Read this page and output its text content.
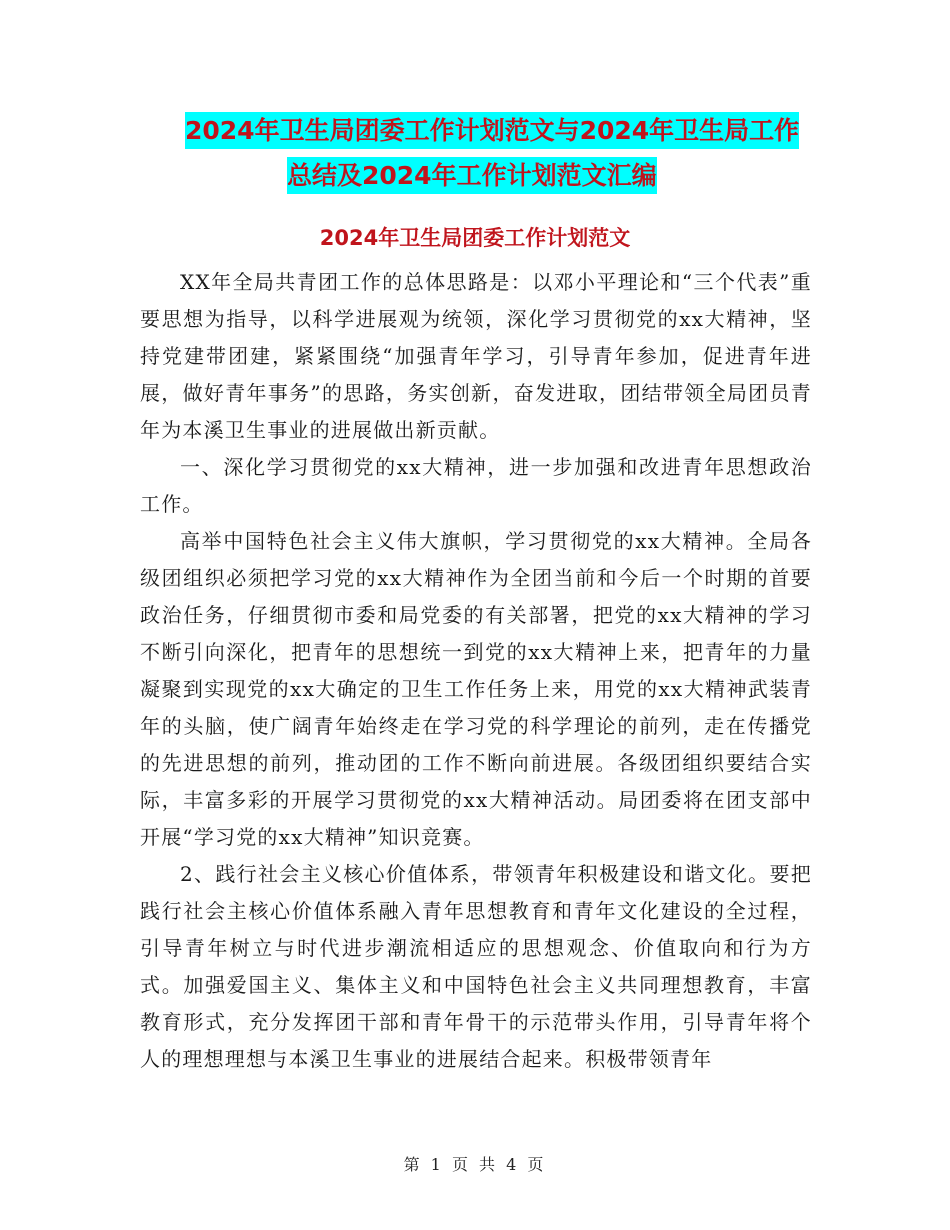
2024年卫生局团委工作计划范文与2024年卫生局工作
总结及2024年工作计划范文汇编
2024年卫生局团委工作计划范文

XX年全局共青团工作的总体思路是：以邓小平理论和“三个代表”重要思想为指导，以科学进展观为统领，深化学习贯彻党的xx大精神，坚持党建带团建，紧紧围绕“加强青年学习，引导青年参加，促进青年进展，做好青年事务”的思路，务实创新，奋发进取，团结带领全局团员青年为本溪卫生事业的进展做出新贡献。

一、深化学习贯彻党的xx大精神，进一步加强和改进青年思想政治工作。

高举中国特色社会主义伟大旗帜，学习贯彻党的xx大精神。全局各级团组织必须把学习党的xx大精神作为全团当前和今后一个时期的首要政治任务，仔细贯彻市委和局党委的有关部署，把党的xx大精神的学习不断引向深化，把青年的思想统一到党的xx大精神上来，把青年的力量凝聚到实现党的xx大确定的卫生工作任务上来，用党的xx大精神武装青年的头脑，使广阔青年始终走在学习党的科学理论的前列，走在传播党的先进思想的前列，推动团的工作不断向前进展。各级团组织要结合实际，丰富多彩的开展学习贯彻党的xx大精神活动。局团委将在团支部中开展“学习党的xx大精神”知识竞赛。

2、践行社会主义核心价值体系，带领青年积极建设和谐文化。要把践行社会主核心价值体系融入青年思想教育和青年文化建设的全过程，引导青年树立与时代进步潮流相适应的思想观念、价值取向和行为方式。加强爱国主义、集体主义和中国特色社会主义共同理想教育，丰富教育形式，充分发挥团干部和青年骨干的示范带头作用，引导青年将个人的理想理想与本溪卫生事业的进展结合起来。积极带领青年

第 1 页 共 4 页
